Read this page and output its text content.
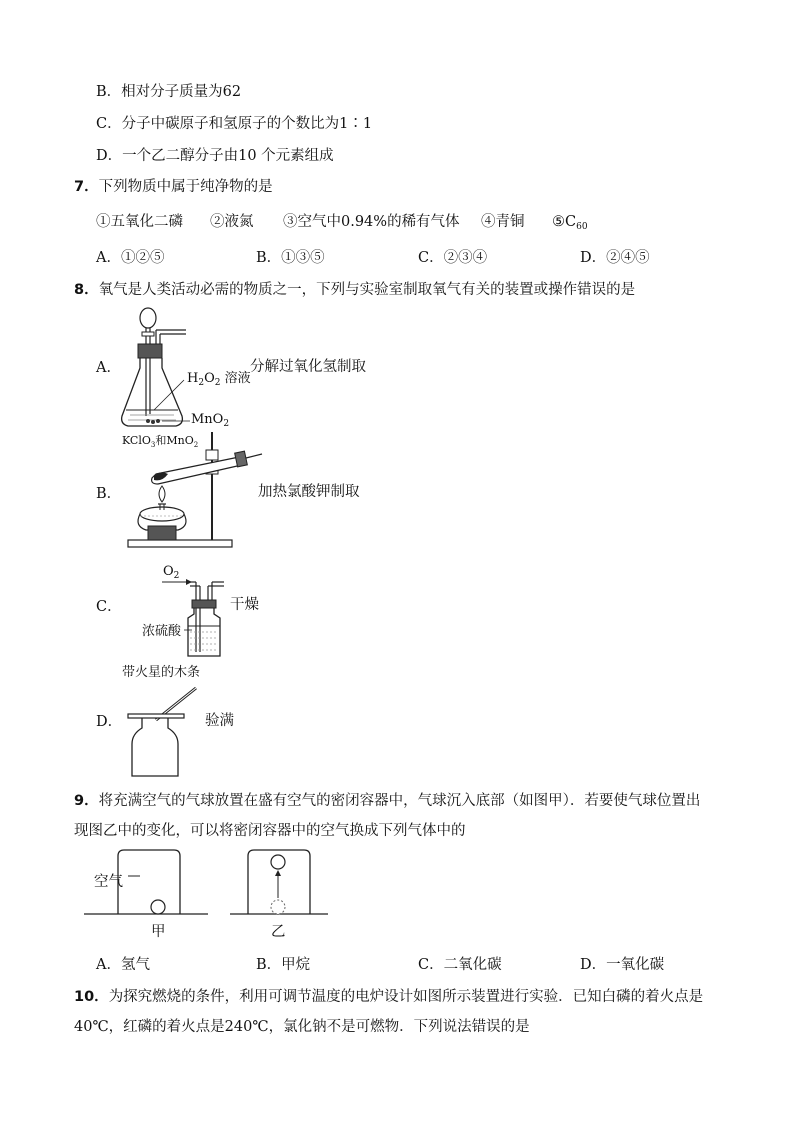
B．相对分子质量为62
C．分子中碳原子和氢原子的个数比为1∶1
D．一个乙二醇分子由10 个元素组成
7．下列物质中属于纯净物的是
①五氧化二磷 ②液氮 ③空气中0.94%的稀有气体 ④青铜 $⑤C_{60}$
A．①②⑤	B．①③⑤	C．②③④	D．②④⑤
8．氧气是人类活动必需的物质之一，下列与实验室制取氧气有关的装置或操作错误的是
A．
$H_2O_2$ 溶液
MnO$_2$
分解过氧化氢制取
B．
KClO$_3$和MnO$_2$
加热氯酸钾制取
C．
$O_2$
浓硫酸
干燥
带火星的木条
D．	验满
9．将充满空气的气球放置在盛有空气的密闭容器中，气球沉入底部（如图甲）．若要使气球位置出
现图乙中的变化，可以将密闭容器中的空气换成下列气体中的
空气
甲	乙
A．氢气	B．甲烷	C．二氧化碳	D．一氧化碳
10．为探究燃烧的条件，利用可调节温度的电炉设计如图所示装置进行实验．已知白磷的着火点是
40℃，红磷的着火点是240℃，氯化钠不是可燃物．下列说法错误的是
